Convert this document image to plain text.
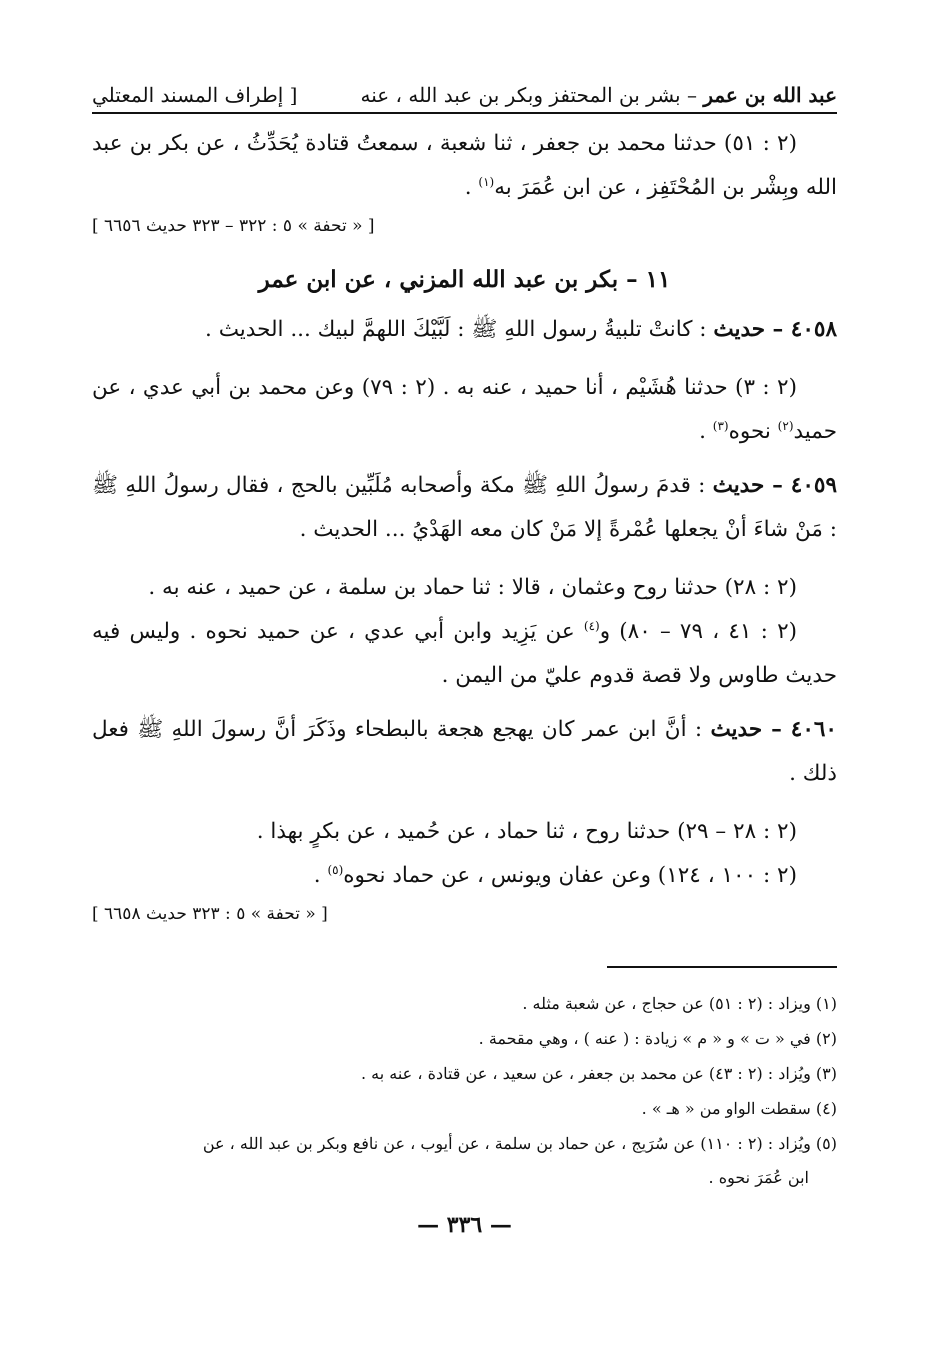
عبد الله بن عمر – بشر بن المحتفز وبكر بن عبد الله ، عنه
[ إطراف المسند المعتلي

(٢ : ٥١) حدثنا محمد بن جعفر ، ثنا شعبة ، سمعتُ قتادة يُحَدِّثُ ، عن بكر بن عبد الله وبِشْر بن المُحْتَفِز ، عن ابن عُمَرَ به$^{(١)}$ .

[ « تحفة » ٥ : ٣٢٢ – ٣٢٣ حديث ٦٦٥٦ ]
١١ – بكر بن عبد الله المزني ، عن ابن عمر

٤٠٥٨ – حديث : كانتْ تلبيةُ رسول اللهِ ﷺ : لَبَّيْكَ اللهمَّ لبيك ... الحديث .

(٢ : ٣) حدثنا هُشَيْم ، أنا حميد ، عنه به . (٢ : ٧٩) وعن محمد بن أبي عدي ، عن حميد$^{(٢)}$ نحوه$^{(٣)}$ .

٤٠٥٩ – حديث : قدمَ رسولُ اللهِ ﷺ مكة وأصحابه مُلَبِّين بالحج ، فقال رسولُ اللهِ ﷺ : مَنْ شاءَ أنْ يجعلها عُمْرةً إلا مَنْ كان معه الهَدْيُ ... الحديث .

(٢ : ٢٨) حدثنا روح وعثمان ، قالا : ثنا حماد بن سلمة ، عن حميد ، عنه به .

(٢ : ٤١ ، ٧٩ – ٨٠) و$^{(٤)}$ عن يَزِيد وابن أبي عدي ، عن حميد نحوه . وليس فيه حديث طاوس ولا قصة قدوم عليّ من اليمن .

٤٠٦٠ – حديث : أنَّ ابن عمر كان يهجع هجعة بالبطحاء وذَكَرَ أنَّ رسولَ اللهِ ﷺ فعل ذلك .

(٢ : ٢٨ – ٢٩) حدثنا روح ، ثنا حماد ، عن حُميد ، عن بكرٍ بهذا .

(٢ : ١٠٠ ، ١٢٤) وعن عفان ويونس ، عن حماد نحوه$^{(٥)}$ .

[ « تحفة » ٥ : ٣٢٣ حديث ٦٦٥٨ ]

(١) ويزاد : (٢ : ٥١) عن حجاج ، عن شعبة مثله .

(٢) في « ت » و « م » زيادة : ( عنه ) ، وهي مقحمة .

(٣) ويُزاد : (٢ : ٤٣) عن محمد بن جعفر ، عن سعيد ، عن قتادة ، عنه به .

(٤) سقطت الواو من « هـ » .

(٥) ويُزاد : (٢ : ١١٠) عن سُرَيج ، عن حماد بن سلمة ، عن أيوب ، عن نافع وبكر بن عبد الله ، عن

ابن عُمَرَ نحوه .

— ٣٣٦ —
